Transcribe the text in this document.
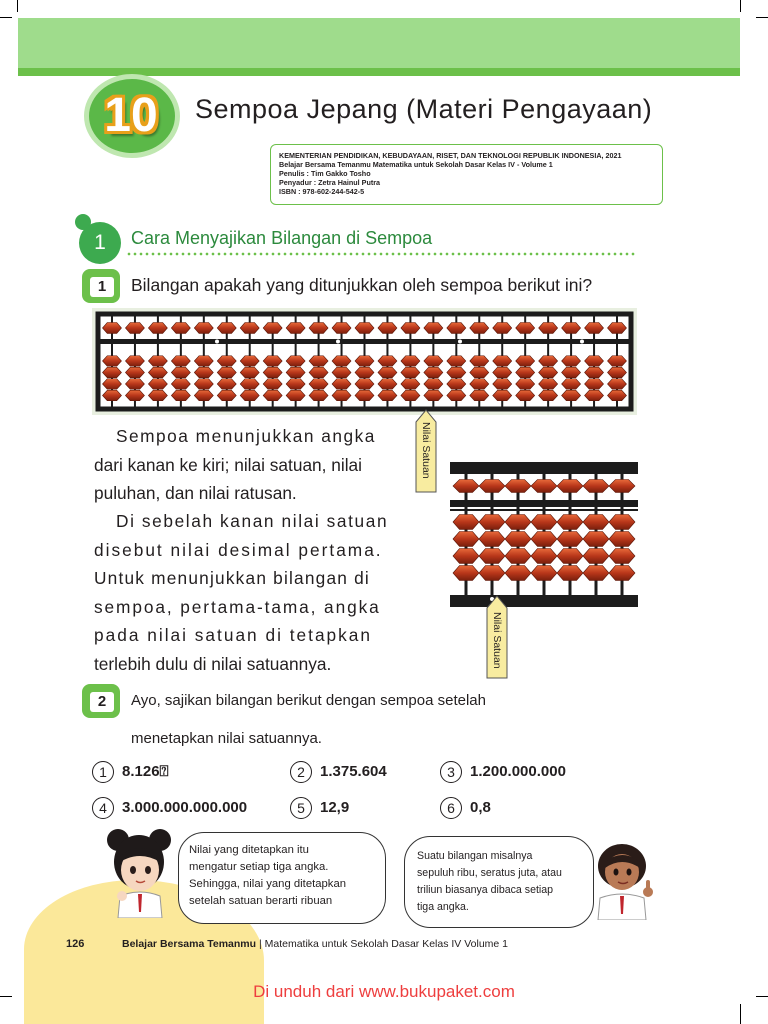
10 Sempoa Jepang (Materi Pengayaan)
KEMENTERIAN PENDIDIKAN, KEBUDAYAAN, RISET, DAN TEKNOLOGI REPUBLIK INDONESIA, 2021
Belajar Bersama Temanmu Matematika untuk Sekolah Dasar Kelas IV - Volume 1
Penulis : Tim Gakko Tosho
Penyadur : Zetra Hainul Putra
ISBN : 978-602-244-542-5
1	Cara Menyajikan Bilangan di Sempoa
1	Bilangan apakah yang ditunjukkan oleh sempoa berikut ini?
Sempoa menunjukkan angka
dari kanan ke kiri; nilai satuan, nilai
puluhan, dan nilai ratusan.
Di sebelah kanan nilai satuan
disebut nilai desimal pertama.
Untuk menunjukkan bilangan di
sempoa, pertama-tama, angka
pada nilai satuan di tetapkan
terlebih dulu di nilai satuannya.
Nilai Satuan
Nilai Satuan
2	Ayo, sajikan bilangan berikut dengan sempoa setelah
menetapkan nilai satuannya.
1 8.126⍰	2 1.375.604	3 1.200.000.000
4 3.000.000.000.000	5 12,9	6 0,8
Nilai yang ditetapkan itu
mengatur setiap tiga angka.
Sehingga, nilai yang ditetapkan
setelah satuan berarti ribuan
Suatu bilangan misalnya
sepuluh ribu, seratus juta, atau
triliun biasanya dibaca setiap
tiga angka.
126	Belajar Bersama Temanmu | Matematika untuk Sekolah Dasar Kelas IV Volume 1
Di unduh dari www.bukupaket.com
